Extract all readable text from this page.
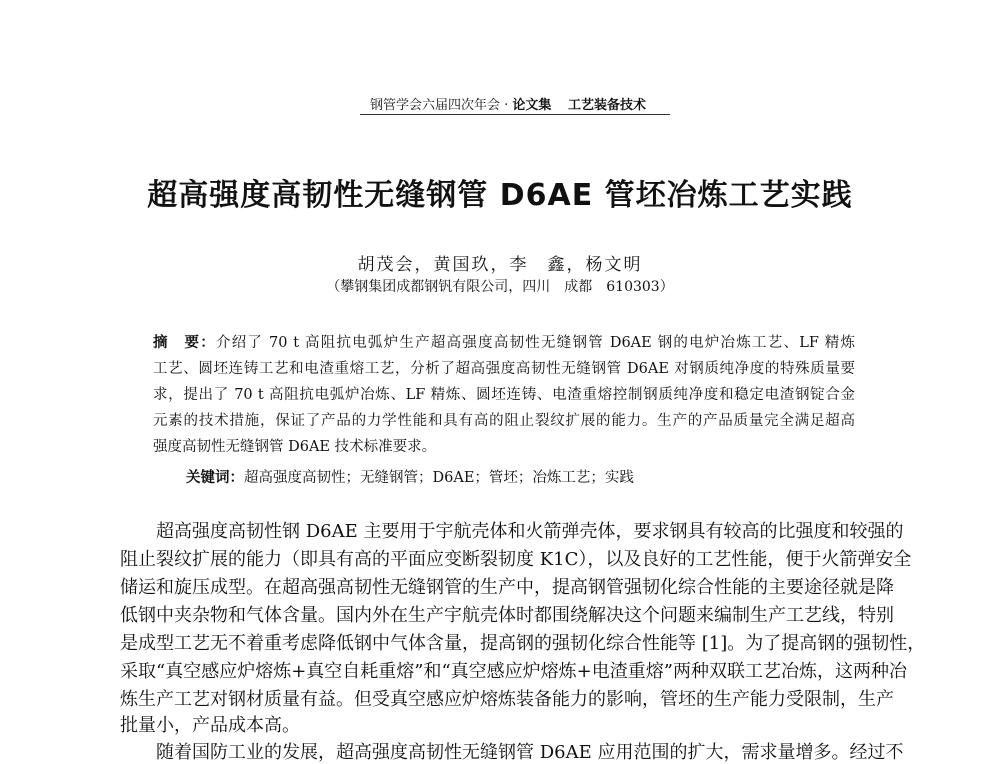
钢管学会六届四次年会 · 论文集 工艺装备技术
超高强度高韧性无缝钢管 D6AE 管坯冶炼工艺实践
胡茂会，黄国玖，李　鑫，杨文明
（攀钢集团成都钢钒有限公司，四川　成都　610303）
摘　要：介绍了 70 t 高阻抗电弧炉生产超高强度高韧性无缝钢管 D6AE 钢的电炉冶炼工艺、LF 精炼
工艺、圆坯连铸工艺和电渣重熔工艺，分析了超高强度高韧性无缝钢管 D6AE 对钢质纯净度的特殊质量要
求，提出了 70 t 高阻抗电弧炉冶炼、LF 精炼、圆坯连铸、电渣重熔控制钢质纯净度和稳定电渣钢锭合金
元素的技术措施，保证了产品的力学性能和具有高的阻止裂纹扩展的能力。生产的产品质量完全满足超高
强度高韧性无缝钢管 D6AE 技术标准要求。
关键词：超高强度高韧性；无缝钢管；D6AE；管坯；冶炼工艺；实践
超高强度高韧性钢 D6AE 主要用于宇航壳体和火箭弹壳体，要求钢具有较高的比强度和较强的
阻止裂纹扩展的能力（即具有高的平面应变断裂韧度 K1C），以及良好的工艺性能，便于火箭弹安全
储运和旋压成型。在超高强高韧性无缝钢管的生产中，提高钢管强韧化综合性能的主要途径就是降
低钢中夹杂物和气体含量。国内外在生产宇航壳体时都围绕解决这个问题来编制生产工艺线，特别
是成型工艺无不着重考虑降低钢中气体含量，提高钢的强韧化综合性能等 [1]。为了提高钢的强韧性，
采取“真空感应炉熔炼+真空自耗重熔”和“真空感应炉熔炼+电渣重熔”两种双联工艺冶炼，这两种冶
炼生产工艺对钢材质量有益。但受真空感应炉熔炼装备能力的影响，管坯的生产能力受限制，生产
批量小，产品成本高。
随着国防工业的发展，超高强度高韧性无缝钢管 D6AE 应用范围的扩大，需求量增多。经过不
